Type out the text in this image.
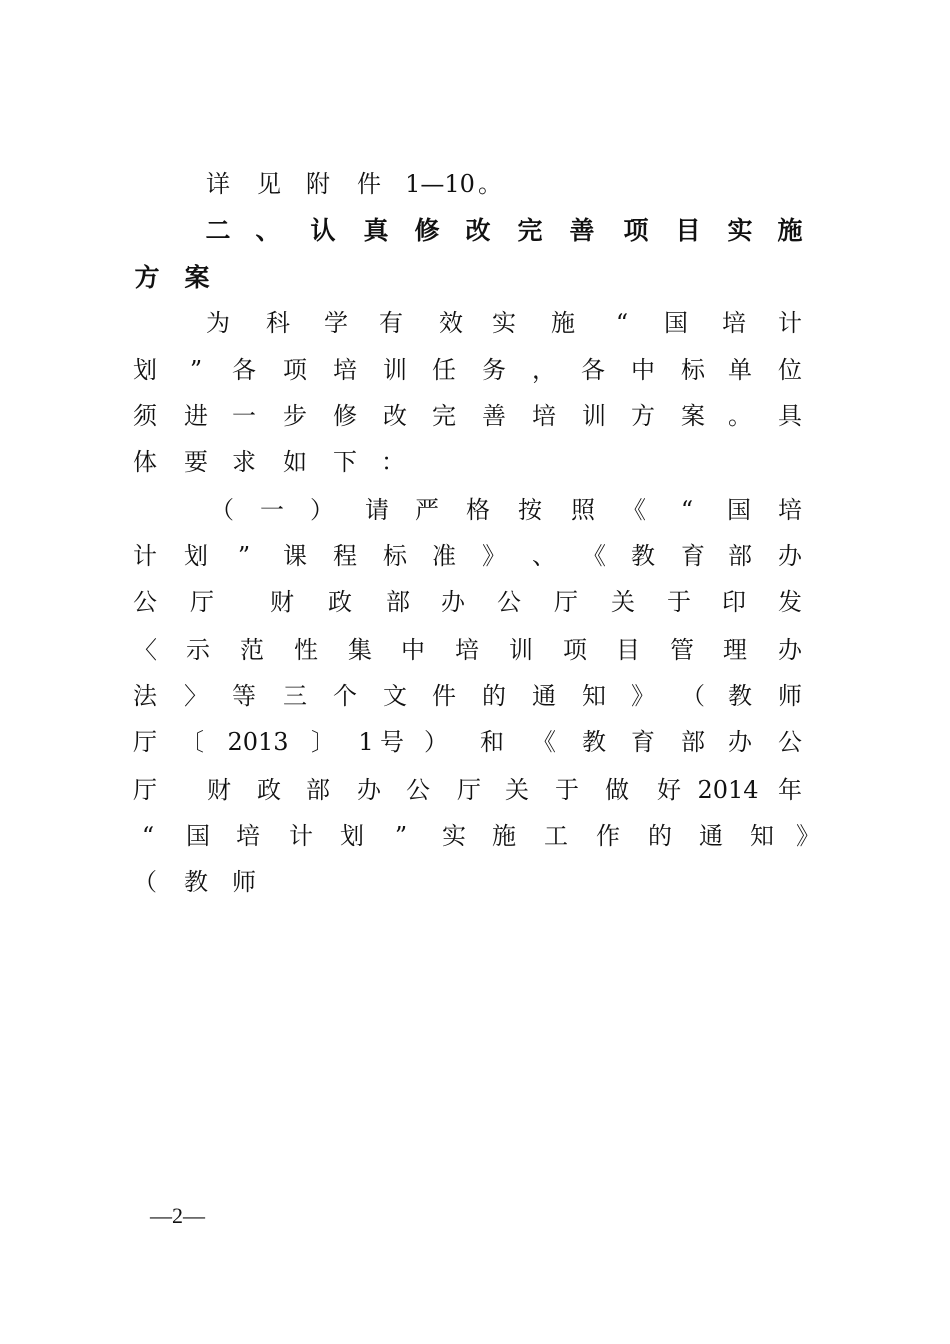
详 见 附 件 1—10 。
二 、 认 真 修 改 完 善 项 目 实 施
方 案
为 科 学 有 效 实 施 “ 国 培 计
划 ” 各 项 培 训 任 务 ， 各 中 标 单 位
须 进 一 步 修 改 完 善 培 训 方 案 。 具
体 要 求 如 下 ：
（ 一 ） 请 严 格 按 照 《 “ 国 培
计 划 ” 课 程 标 准 》 、 《 教 育 部 办
公 厅 财 政 部 办 公 厅 关 于 印 发
〈 示 范 性 集 中 培 训 项 目 管 理 办
法 〉 等 三 个 文 件 的 通 知 》 （ 教 师
厅 〔 2013 〕 1 号 ） 和 《 教 育 部 办 公
厅 财 政 部 办 公 厅 关 于 做 好 2014 年
“ 国 培 计 划 ” 实 施 工 作 的 通 知 》
（ 教 师
—2—
